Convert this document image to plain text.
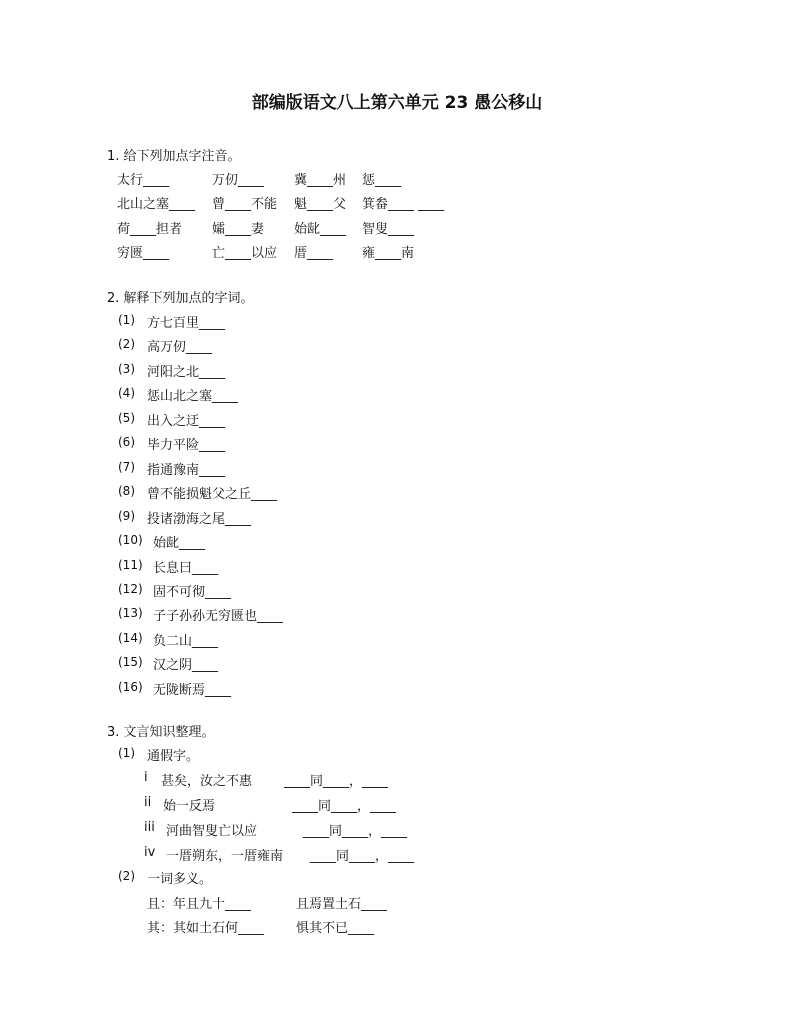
部编版语文八上第六单元 23 愚公移山
1. 给下列加点字注音。
太行____	万仞____ 冀____州 惩____
北山之塞____ 曾____不能 魁____父 箕畚____ ____
荷____担者 孀____妻 始龀____ 智叟____
穷匮____	亡____以应 厝____ 雍____南
2. 解释下列加点的字词。
(1) 方七百里____
(2) 高万仞____
(3) 河阳之北____
(4) 惩山北之塞____
(5) 出入之迂____
(6) 毕力平险____
(7) 指通豫南____
(8) 曾不能损魁父之丘____
(9) 投诸渤海之尾____
(10) 始龀____
(11) 长息曰____
(12) 固不可彻____
(13) 子子孙孙无穷匮也____
(14) 负二山____
(15) 汉之阴____
(16) 无陇断焉____
3. 文言知识整理。
(1) 通假字。
i 甚矣，汝之不惠 ____同____，____
ii 始一反焉	____同____，____
iii 河曲智叟亡以应	____同____，____
iv 一厝朔东，一厝雍南 ____同____，____
(2) 一词多义。
且：年且九十____	且焉置土石____
其：其如土石何____ 惧其不已____
